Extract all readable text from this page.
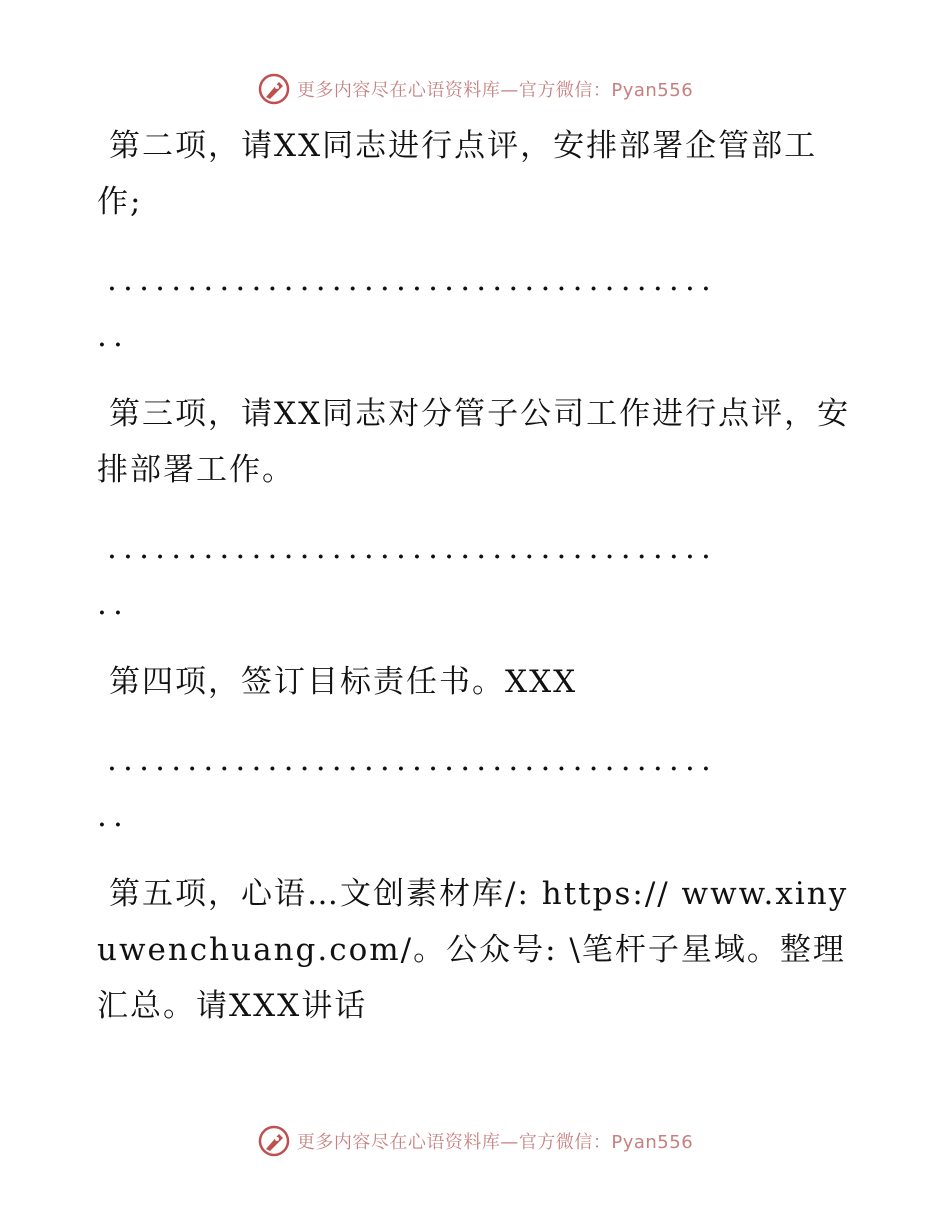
更多内容尽在心语资料库—官方微信：Pyan556

第二项，请XX同志进行点评，安排部署企管部工作;

......................................

..

第三项，请XX同志对分管子公司工作进行点评，安排部署工作。

......................................

..

第四项，签订目标责任书。XXX

......................................

..

第五项，心语…文创素材库/: https:// www.xinyuwenchuang.com/。公众号: \笔杆子星域。整理汇总。请XXX讲话

更多内容尽在心语资料库—官方微信：Pyan556
